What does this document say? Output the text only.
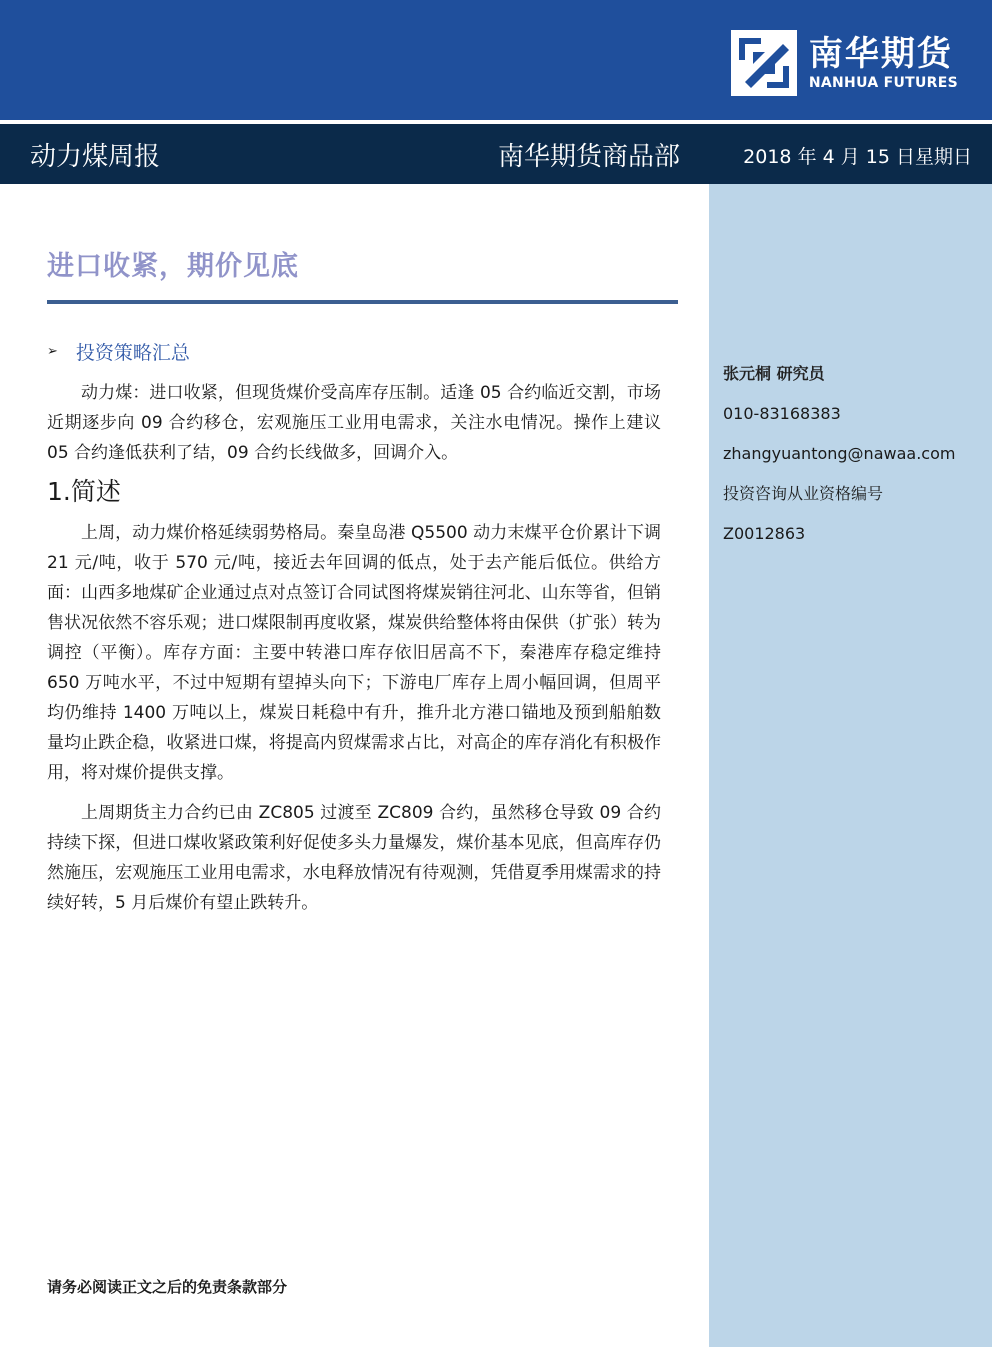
南华期货
NANHUA FUTURES
动力煤周报	南华期货商品部	2018 年 4 月 15 日星期日
张元桐 研究员
010-83168383
zhangyuantong@nawaa.com
投资咨询从业资格编号
Z0012863
进口收紧，期价见底
➢ 投资策略汇总

动力煤：进口收紧，但现货煤价受高库存压制。适逢 05 合约临近交割，市场近期逐步向 09 合约移仓，宏观施压工业用电需求，关注水电情况。操作上建议 05 合约逢低获利了结，09 合约长线做多，回调介入。

1.简述

上周，动力煤价格延续弱势格局。秦皇岛港 Q5500 动力末煤平仓价累计下调 21 元/吨，收于 570 元/吨，接近去年回调的低点，处于去产能后低位。供给方面：山西多地煤矿企业通过点对点签订合同试图将煤炭销往河北、山东等省，但销售状况依然不容乐观；进口煤限制再度收紧，煤炭供给整体将由保供（扩张）转为调控（平衡）。库存方面：主要中转港口库存依旧居高不下，秦港库存稳定维持 650 万吨水平，不过中短期有望掉头向下；下游电厂库存上周小幅回调，但周平均仍维持 1400 万吨以上，煤炭日耗稳中有升，推升北方港口锚地及预到船舶数量均止跌企稳，收紧进口煤，将提高内贸煤需求占比，对高企的库存消化有积极作用，将对煤价提供支撑。

上周期货主力合约已由 ZC805 过渡至 ZC809 合约，虽然移仓导致 09 合约持续下探，但进口煤收紧政策利好促使多头力量爆发，煤价基本见底，但高库存仍然施压，宏观施压工业用电需求，水电释放情况有待观测，凭借夏季用煤需求的持续好转，5 月后煤价有望止跌转升。

请务必阅读正文之后的免责条款部分
